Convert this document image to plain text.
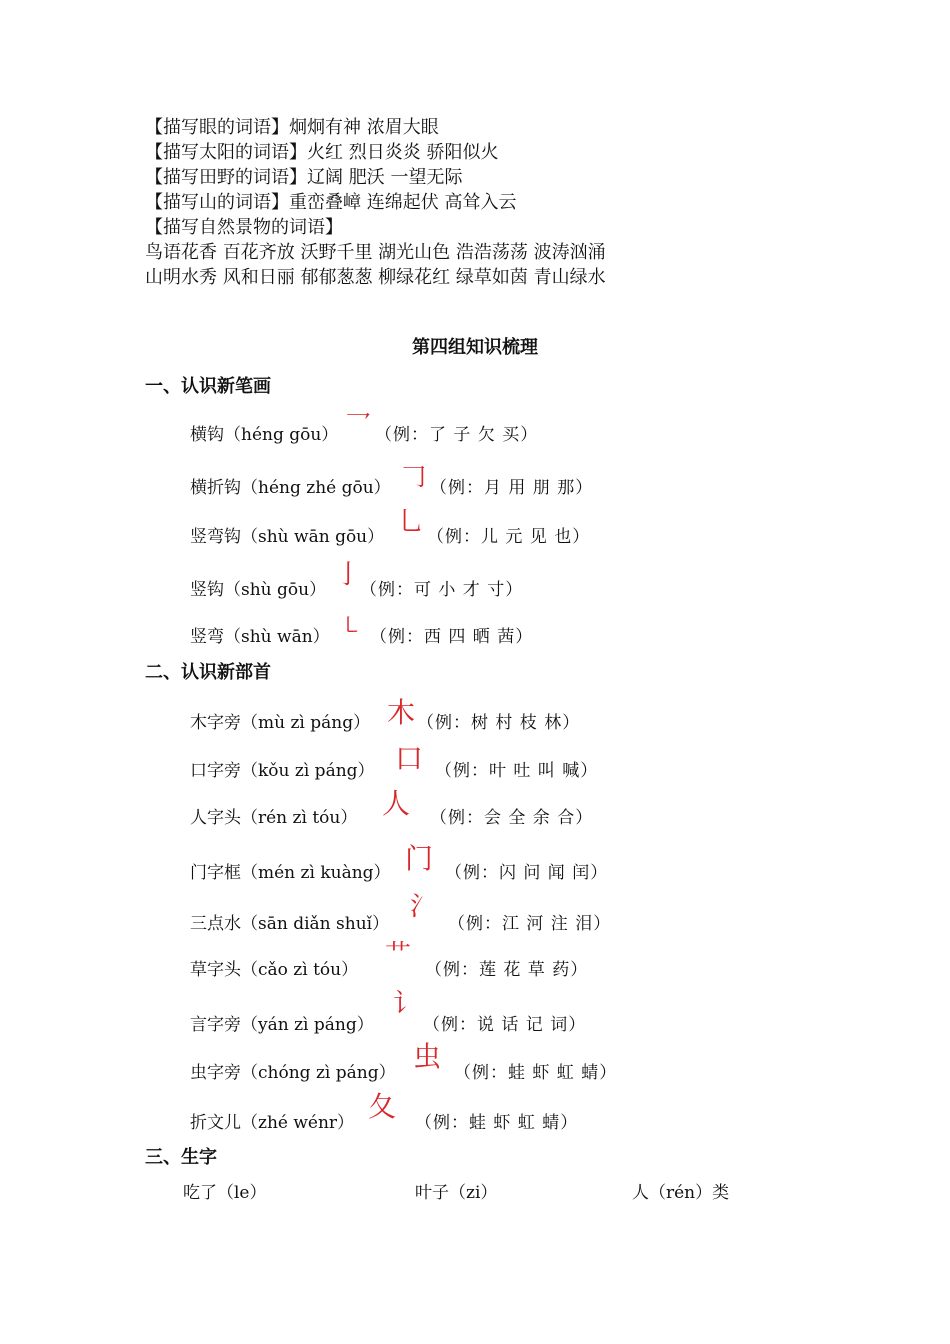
【描写眼的词语】炯炯有神 浓眉大眼
【描写太阳的词语】火红 烈日炎炎 骄阳似火
【描写田野的词语】辽阔 肥沃 一望无际
【描写山的词语】重峦叠嶂 连绵起伏 高耸入云
【描写自然景物的词语】
鸟语花香 百花齐放 沃野千里 湖光山色 浩浩荡荡 波涛汹涌
山明水秀 风和日丽 郁郁葱葱 柳绿花红 绿草如茵 青山绿水
第四组知识梳理
一、认识新笔画
横钩（héng gōu） 乛 （例：了 子 欠 买）
横折钩（héng zhé gōu） 𠃌 （例：月 用 朋 那）
竖弯钩（shù wān gōu） 乚 （例：儿 元 见 也）
竖钩（shù gōu） 亅
（例：可 小 才 寸）
竖弯（shù wān） ㇄ （例：西 四 晒 茜）
二、认识新部首
木字旁（mù zì páng） 木 （例：树 村 枝 林）
口字旁（kǒu zì páng） 口 （例：叶 吐 叫 喊）
人字头（rén zì tóu） 人 （例：会 全 余 合）
门字框（mén zì kuàng） 门 （例：闪 问 闻 闰）
三点水（sān diǎn shuǐ）
氵
（例：江 河 注 泪）
草字头（cǎo zì tóu） 艹 （例：莲 花 草 药）
言字旁（yán zì páng）
讠
（例：说 话 记 词）
虫字旁（chóng zì páng） 虫 （例：蛙 虾 虹 蜻）
折文儿（zhé wénr） 夂 （例：蛙 虾 虹 蜻）
三、生字
吃了（le）	叶子（zi）	人（rén）类
